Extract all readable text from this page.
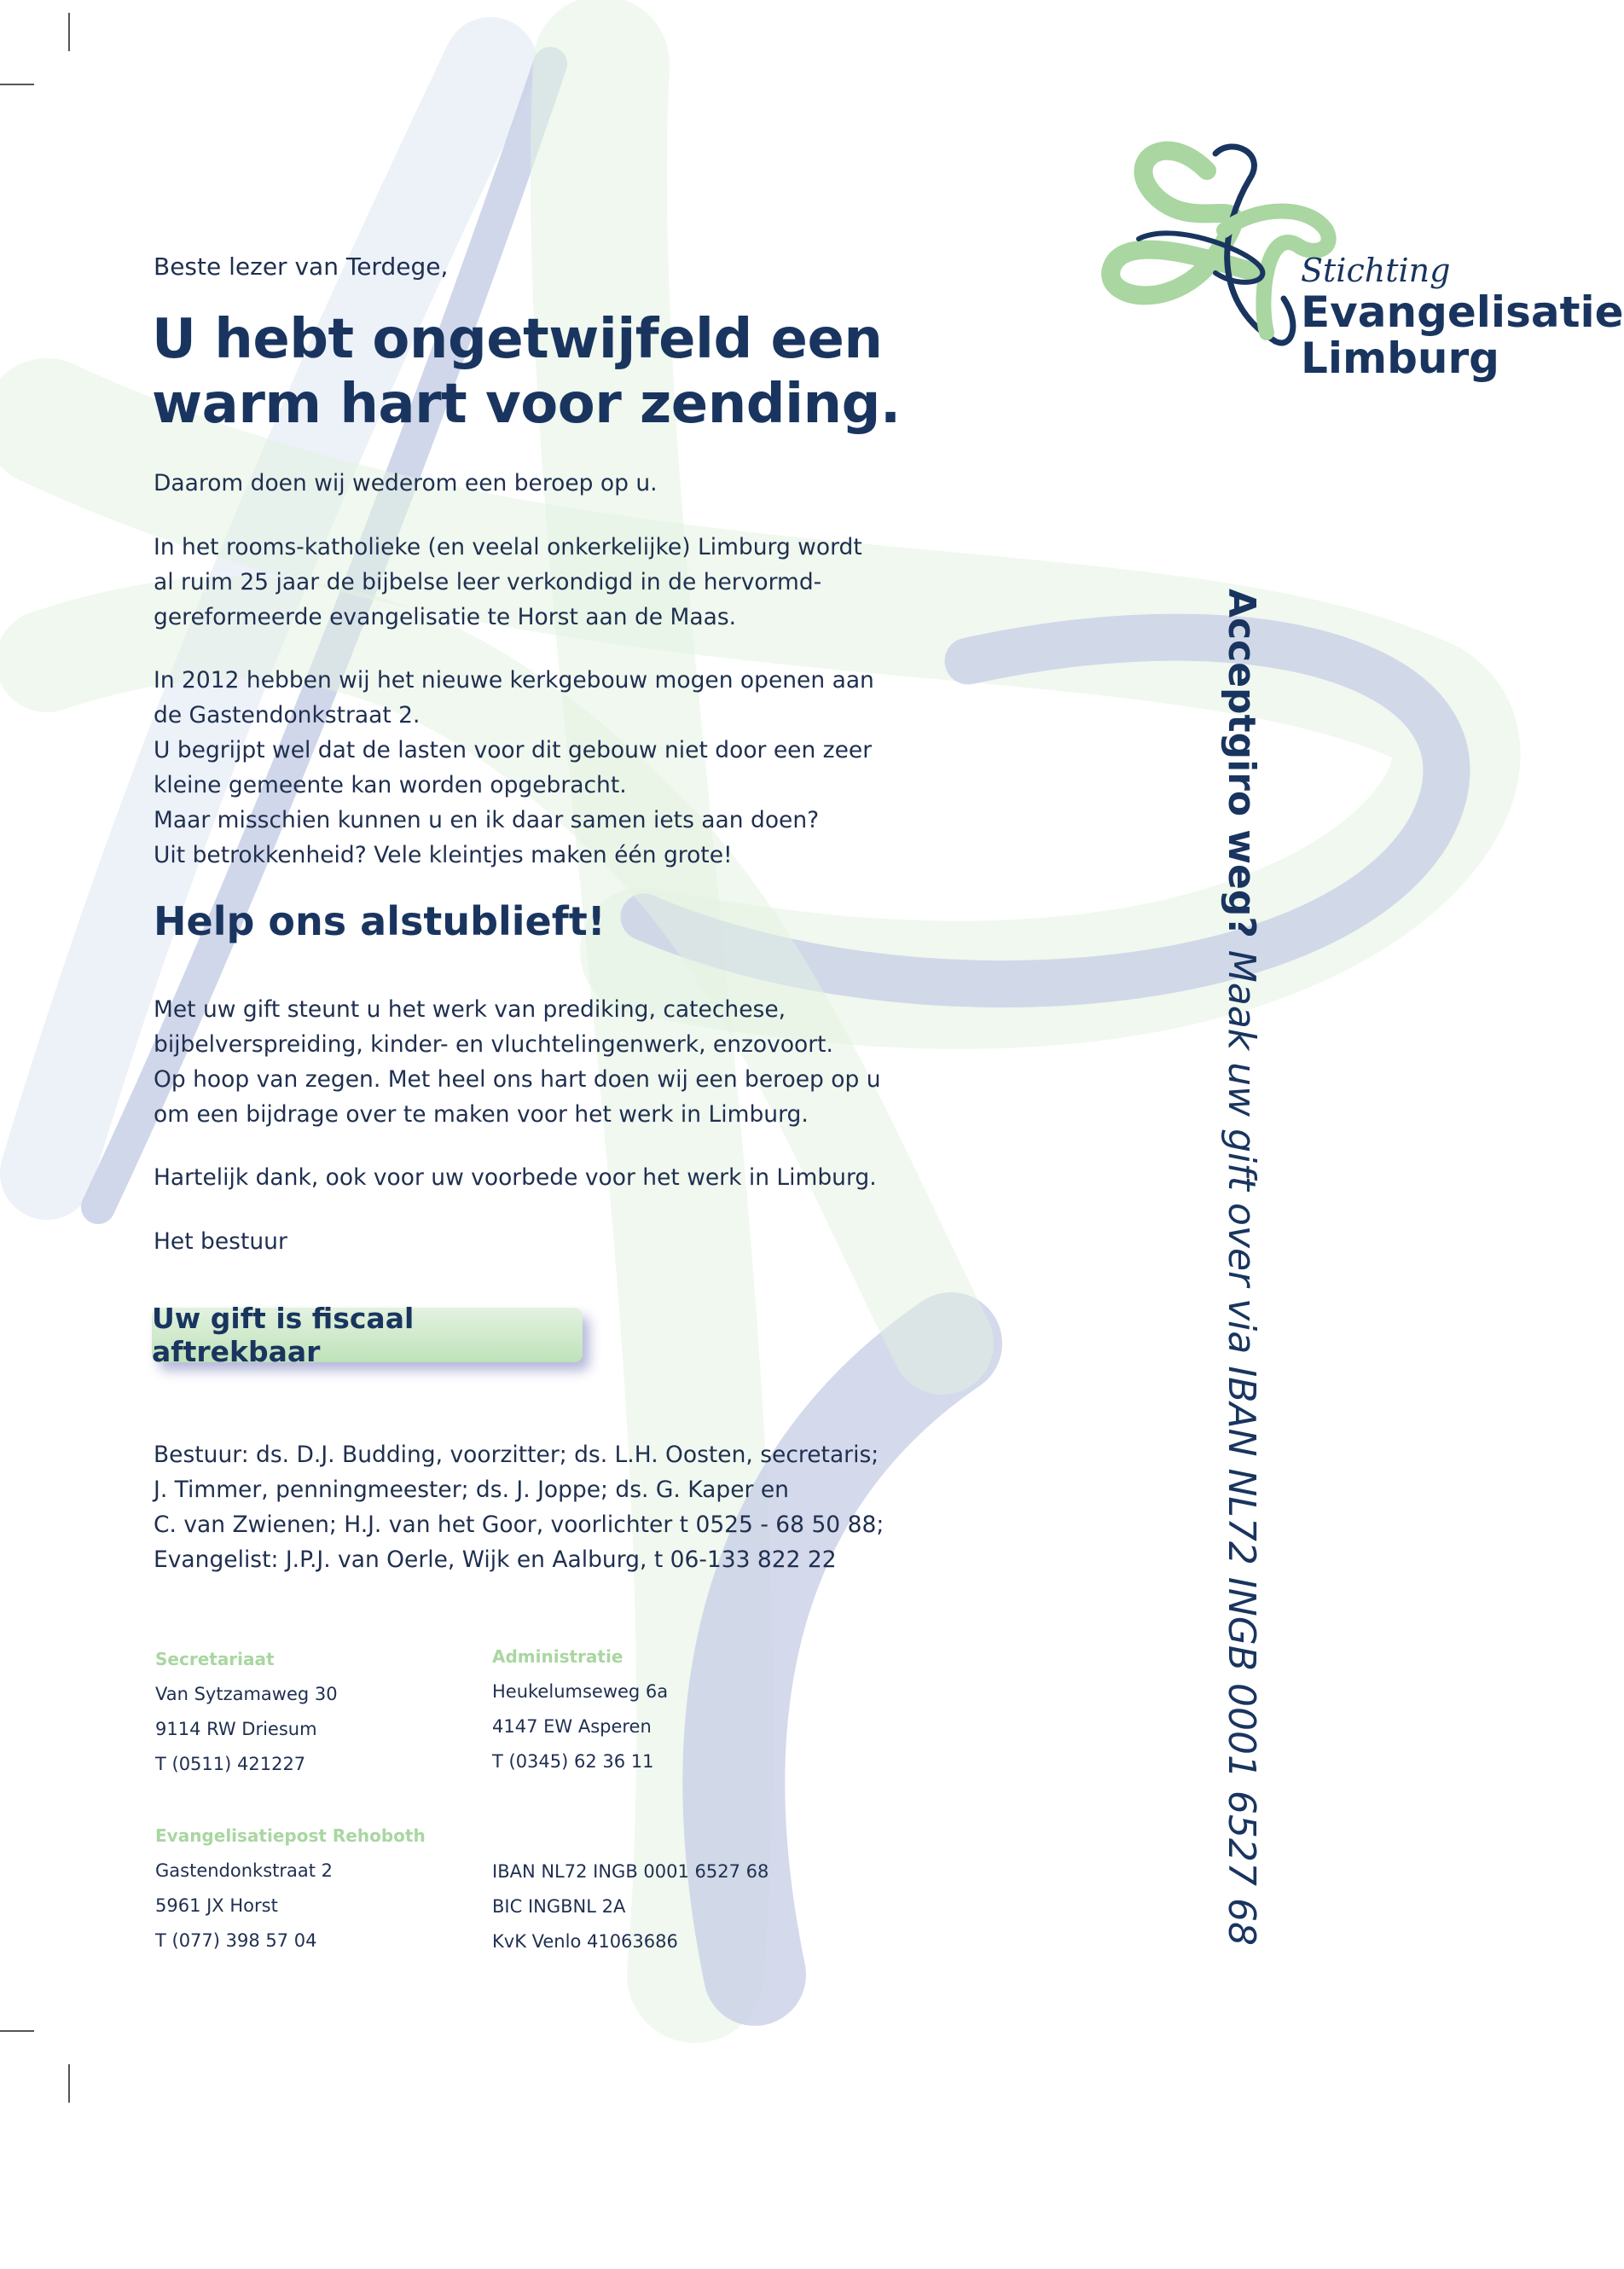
Stichting
Evangelisatie
Limburg
Beste lezer van Terdege,
U hebt ongetwijfeld een
warm hart voor zending.
Daarom doen wij wederom een beroep op u.
In het rooms-katholieke (en veelal onkerkelijke) Limburg wordt
al ruim 25 jaar de bijbelse leer verkondigd in de hervormd-
gereformeerde evangelisatie te Horst aan de Maas.
In 2012 hebben wij het nieuwe kerkgebouw mogen openen aan
de Gastendonkstraat 2.
U begrijpt wel dat de lasten voor dit gebouw niet door een zeer
kleine gemeente kan worden opgebracht.
Maar misschien kunnen u en ik daar samen iets aan doen?
Uit betrokkenheid? Vele kleintjes maken één grote!
Help ons alstublieft!
Met uw gift steunt u het werk van prediking, catechese,
bijbelverspreiding, kinder- en vluchtelingenwerk, enzovoort.
Op hoop van zegen. Met heel ons hart doen wij een beroep op u
om een bijdrage over te maken voor het werk in Limburg.
Hartelijk dank, ook voor uw voorbede voor het werk in Limburg.
Het bestuur
Uw gift is fiscaal aftrekbaar
Bestuur: ds. D.J. Budding, voorzitter; ds. L.H. Oosten, secretaris;
J. Timmer, penningmeester; ds. J. Joppe; ds. G. Kaper en
C. van Zwienen; H.J. van het Goor, voorlichter t 0525 - 68 50 88;
Evangelist: J.P.J. van Oerle, Wijk en Aalburg, t 06-133 822 22
Secretariaat
Van Sytzamaweg 30
9114 RW Driesum
T (0511) 421227
Administratie
Heukelumseweg 6a
4147 EW Asperen
T (0345) 62 36 11
Evangelisatiepost Rehoboth
Gastendonkstraat 2
5961 JX Horst
T (077) 398 57 04
IBAN NL72 INGB 0001 6527 68
BIC INGBNL 2A
KvK Venlo 41063686
Acceptgiro weg? Maak uw gift over via IBAN NL72 INGB 0001 6527 68
